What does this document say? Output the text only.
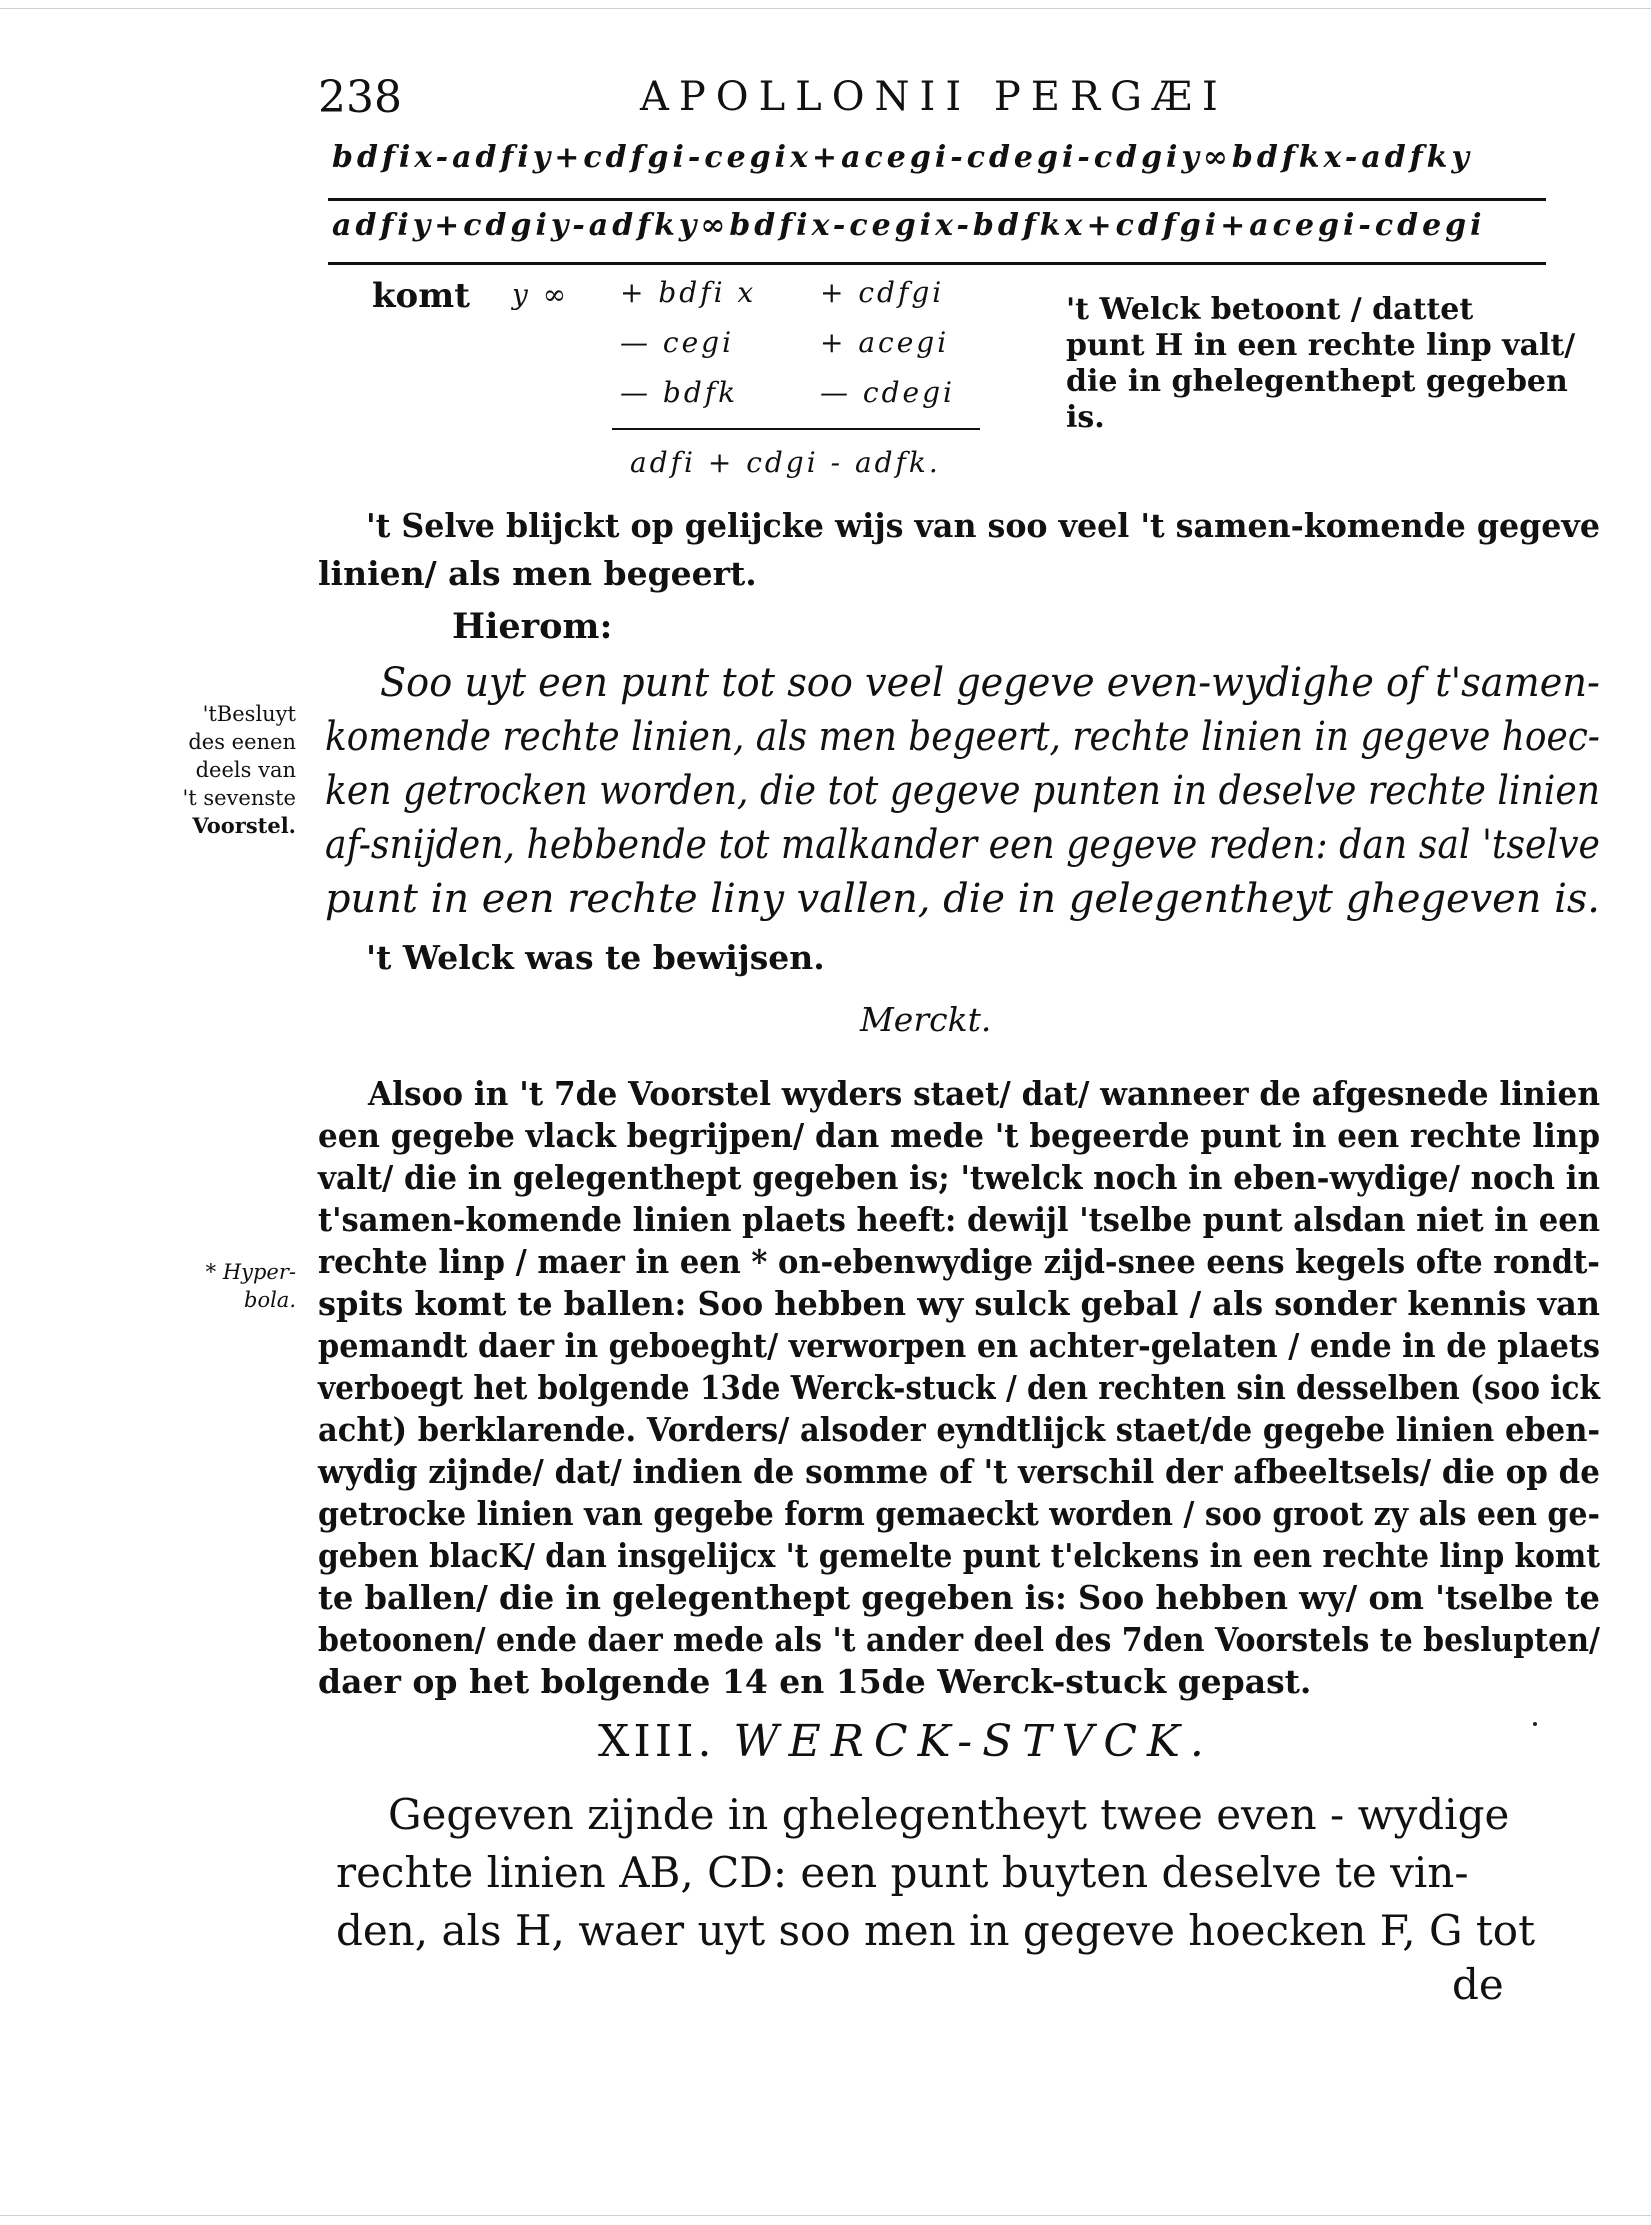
238	APOLLONII PERGÆI
bdfix-adfiy+cdfgi-cegix+acegi-cdegi-cdgiy∞bdfkx-adfky
adfiy+cdgiy-adfky∞bdfix-cegix-bdfkx+cdfgi+acegi-cdegi
komt y ∞ + bdfi x
— cegi
— bdfk
+ cdfgi
+ acegi
— cdegi
adfi + cdgi - adfk.
't Welck betoont / dattet
punt H in een rechte linp valt/
die in ghelegenthept gegeben
is.
't Selve blijckt op gelijcke wijs van soo veel 't samen-komende gegeve
linien/ als men begeert.
Hierom:
'tBesluyt
des eenen
deels van
't sevenste
Voorstel.
Soo uyt een punt tot soo veel gegeve even-wydighe of t'samen-
komende rechte linien, als men begeert, rechte linien in gegeve hoec-
ken getrocken worden, die tot gegeve punten in deselve rechte linien
af-snijden, hebbende tot malkander een gegeve reden: dan sal 'tselve
punt in een rechte liny vallen, die in gelegentheyt ghegeven is.
't Welck was te bewijsen.
Merckt.
* Hyper-
bola.
Alsoo in 't 7de Voorstel wyders staet/ dat/ wanneer de afgesnede linien
een gegebe vlack begrijpen/ dan mede 't begeerde punt in een rechte linp
valt/ die in gelegenthept gegeben is; 'twelck noch in eben-wydige/ noch in
t'samen-komende linien plaets heeft: dewijl 'tselbe punt alsdan niet in een
rechte linp / maer in een * on-ebenwydige zijd-snee eens kegels ofte rondt-
spits komt te ballen: Soo hebben wy sulck gebal / als sonder kennis van
pemandt daer in geboeght/ verworpen en achter-gelaten / ende in de plaets
verboegt het bolgende 13de Werck-stuck / den rechten sin desselben (soo ick
acht) berklarende. Vorders/ alsoder eyndtlijck staet/de gegebe linien eben-
wydig zijnde/ dat/ indien de somme of 't verschil der afbeeltsels/ die op de
getrocke linien van gegebe form gemaeckt worden / soo groot zy als een ge-
geben blacK/ dan insgelijcx 't gemelte punt t'elckens in een rechte linp komt
te ballen/ die in gelegenthept gegeben is: Soo hebben wy/ om 'tselbe te
betoonen/ ende daer mede als 't ander deel des 7den Voorstels te beslupten/
daer op het bolgende 14 en 15de Werck-stuck gepast.
XIII. WERCK-STVCK.
Gegeven zijnde in ghelegentheyt twee even - wydige
rechte linien AB, CD: een punt buyten deselve te vin-
den, als H, waer uyt soo men in gegeve hoecken F, G tot
de
